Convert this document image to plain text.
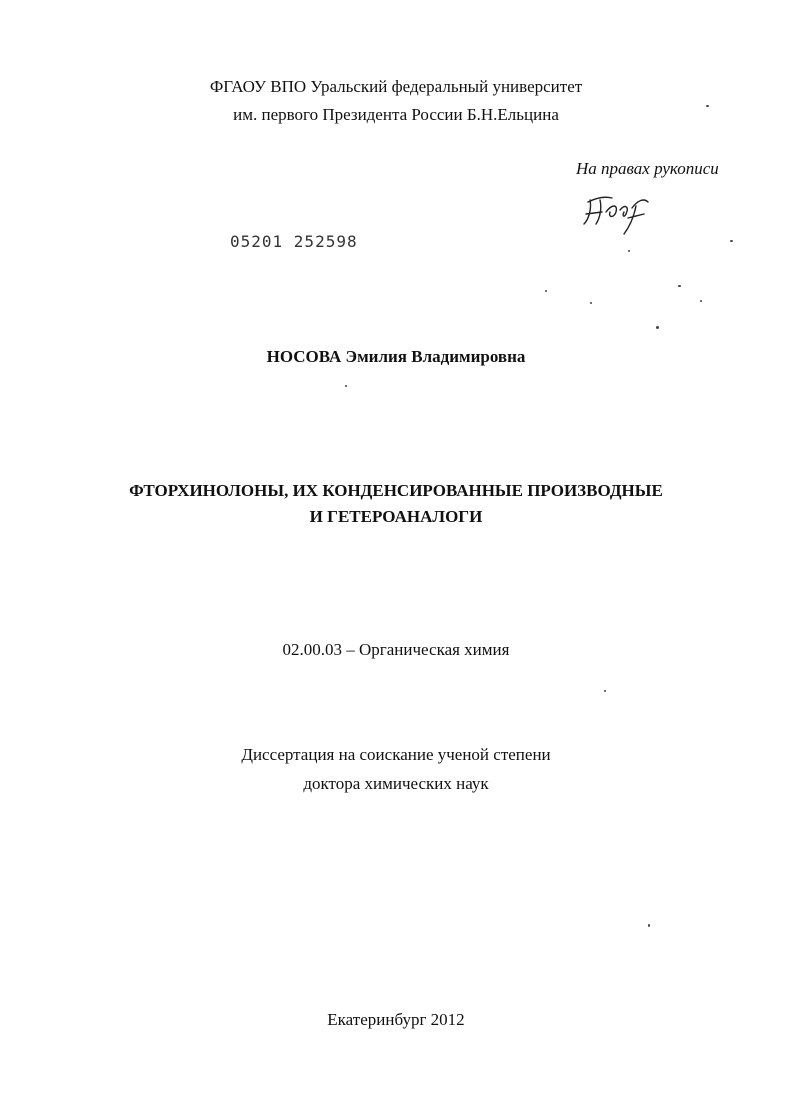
ФГАОУ ВПО Уральский федеральный университет
им. первого Президента России Б.Н.Ельцина
На правах рукописи
05201 252598
НОСОВА Эмилия Владимировна
ФТОРХИНОЛОНЫ, ИХ КОНДЕНСИРОВАННЫЕ ПРОИЗВОДНЫЕ
И ГЕТЕРОАНАЛОГИ
02.00.03 – Органическая химия
Диссертация на соискание ученой степени
доктора химических наук
Екатеринбург 2012
